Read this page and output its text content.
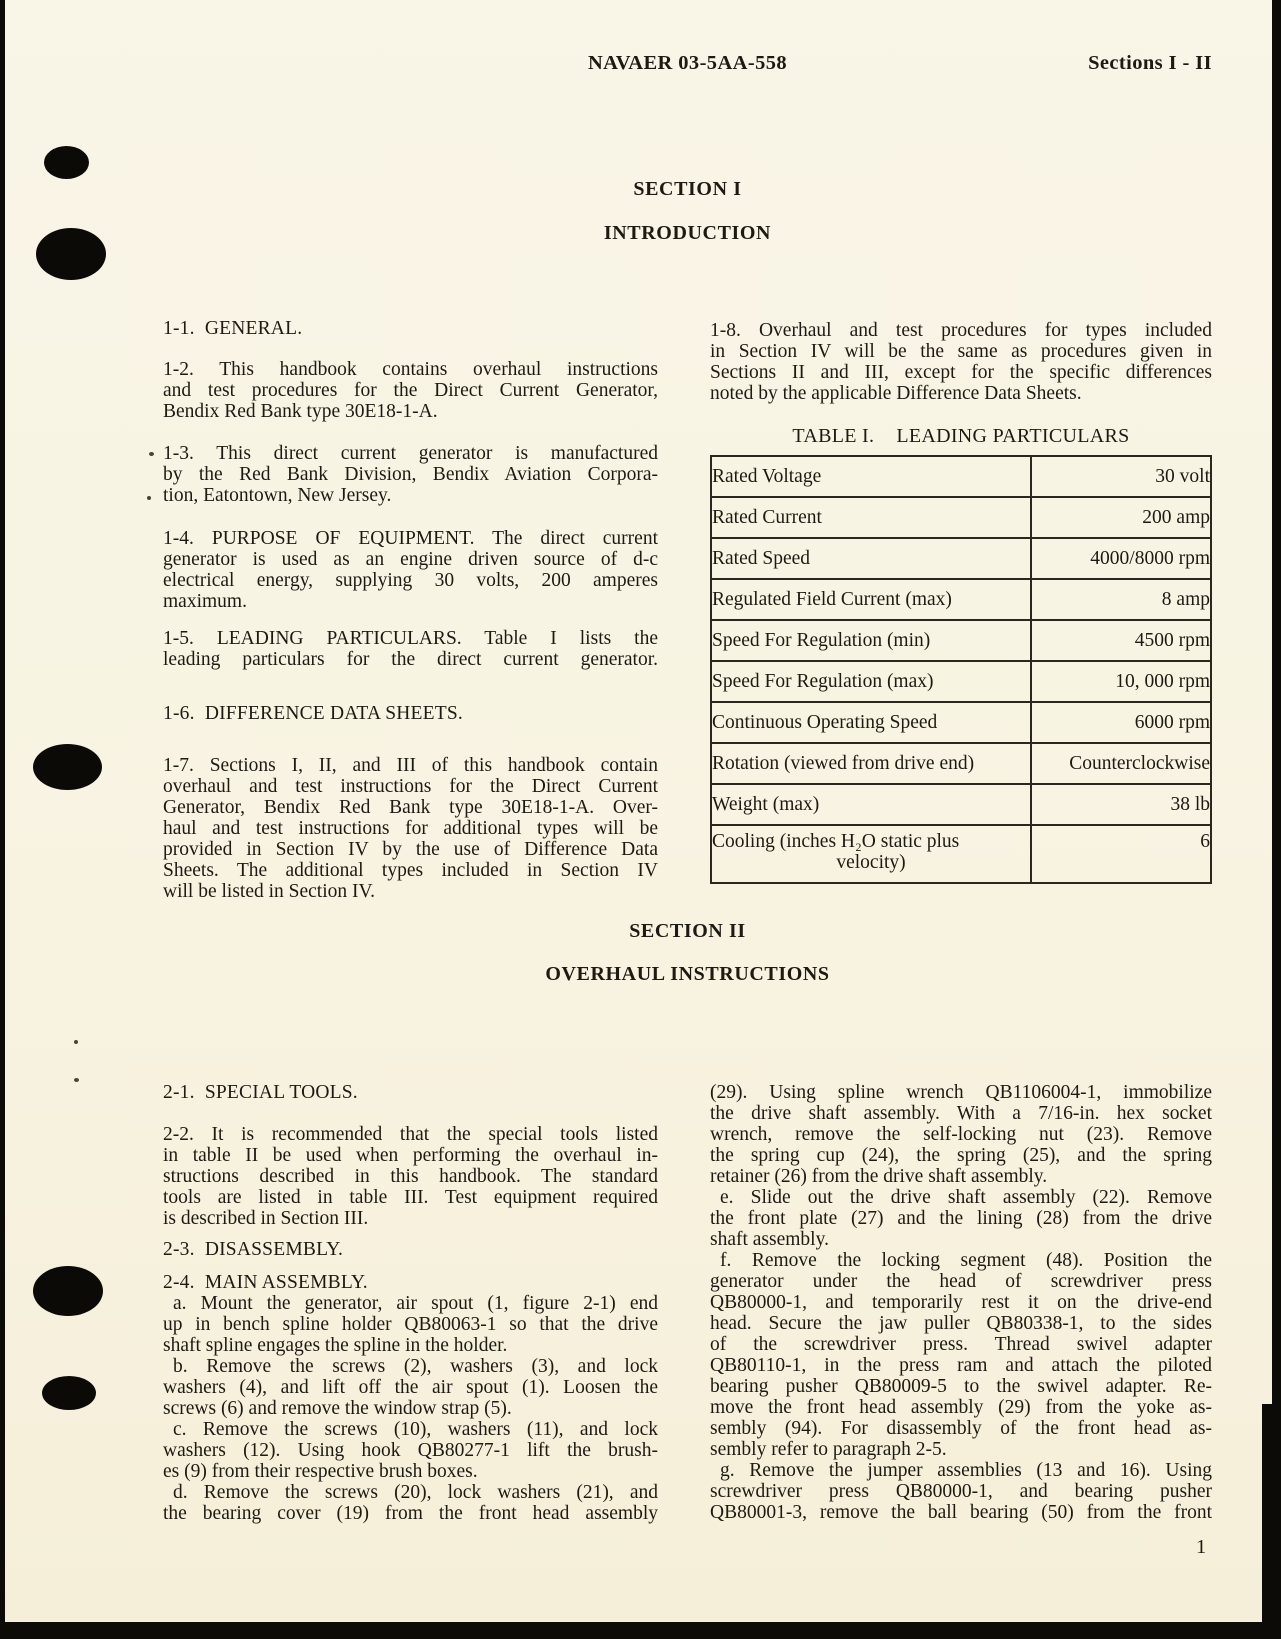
NAVAER 03-5AA-558	Sections I - II
SECTION I
INTRODUCTION
1-1.  GENERAL.
1-2. This handbook contains overhaul instructions
and test procedures for the Direct Current Generator,
Bendix Red Bank type 30E18-1-A.
1-3. This direct current generator is manufactured
by the Red Bank Division, Bendix Aviation Corpora-
tion, Eatontown, New Jersey.
1-4. PURPOSE OF EQUIPMENT. The direct current
generator is used as an engine driven source of d-c
electrical energy, supplying 30 volts, 200 amperes
maximum.
1-5. LEADING PARTICULARS. Table I lists the
leading particulars for the direct current generator.
1-6.  DIFFERENCE DATA SHEETS.
1-7. Sections I, II, and III of this handbook contain
overhaul and test instructions for the Direct Current
Generator, Bendix Red Bank type 30E18-1-A. Over-
haul and test instructions for additional types will be
provided in Section IV by the use of Difference Data
Sheets. The additional types included in Section IV
will be listed in Section IV.
1-8. Overhaul and test procedures for types included
in Section IV will be the same as procedures given in
Sections II and III, except for the specific differences
noted by the applicable Difference Data Sheets.
TABLE I. LEADING PARTICULARS
Rated Voltage	30 volt
Rated Current	200 amp
Rated Speed	4000/8000 rpm
Regulated Field Current (max)	8 amp
Speed For Regulation (min)	4500 rpm
Speed For Regulation (max)	10, 000 rpm
Continuous Operating Speed	6000 rpm
Rotation (viewed from drive end)	Counterclockwise
Weight (max)	38 lb

Cooling (inches H₂O static plus
velocity)	6
SECTION II
OVERHAUL INSTRUCTIONS
2-1.  SPECIAL TOOLS.
2-2. It is recommended that the special tools listed
in table II be used when performing the overhaul in-
structions described in this handbook. The standard
tools are listed in table III. Test equipment required
is described in Section III.
2-3.  DISASSEMBLY.
2-4.  MAIN ASSEMBLY.
a. Mount the generator, air spout (1, figure 2-1) end
up in bench spline holder QB80063-1 so that the drive
shaft spline engages the spline in the holder.
b. Remove the screws (2), washers (3), and lock
washers (4), and lift off the air spout (1). Loosen the
screws (6) and remove the window strap (5).
c. Remove the screws (10), washers (11), and lock
washers (12). Using hook QB80277-1 lift the brush-
es (9) from their respective brush boxes.
d. Remove the screws (20), lock washers (21), and
the bearing cover (19) from the front head assembly
(29). Using spline wrench QB1106004-1, immobilize
the drive shaft assembly. With a 7/16-in. hex socket
wrench, remove the self-locking nut (23). Remove
the spring cup (24), the spring (25), and the spring
retainer (26) from the drive shaft assembly.
e. Slide out the drive shaft assembly (22). Remove
the front plate (27) and the lining (28) from the drive
shaft assembly.
f. Remove the locking segment (48). Position the
generator under the head of screwdriver press
QB80000-1, and temporarily rest it on the drive-end
head. Secure the jaw puller QB80338-1, to the sides
of the screwdriver press. Thread swivel adapter
QB80110-1, in the press ram and attach the piloted
bearing pusher QB80009-5 to the swivel adapter. Re-
move the front head assembly (29) from the yoke as-
sembly (94). For disassembly of the front head as-
sembly refer to paragraph 2-5.
g. Remove the jumper assemblies (13 and 16). Using
screwdriver press QB80000-1, and bearing pusher
QB80001-3, remove the ball bearing (50) from the front
1
